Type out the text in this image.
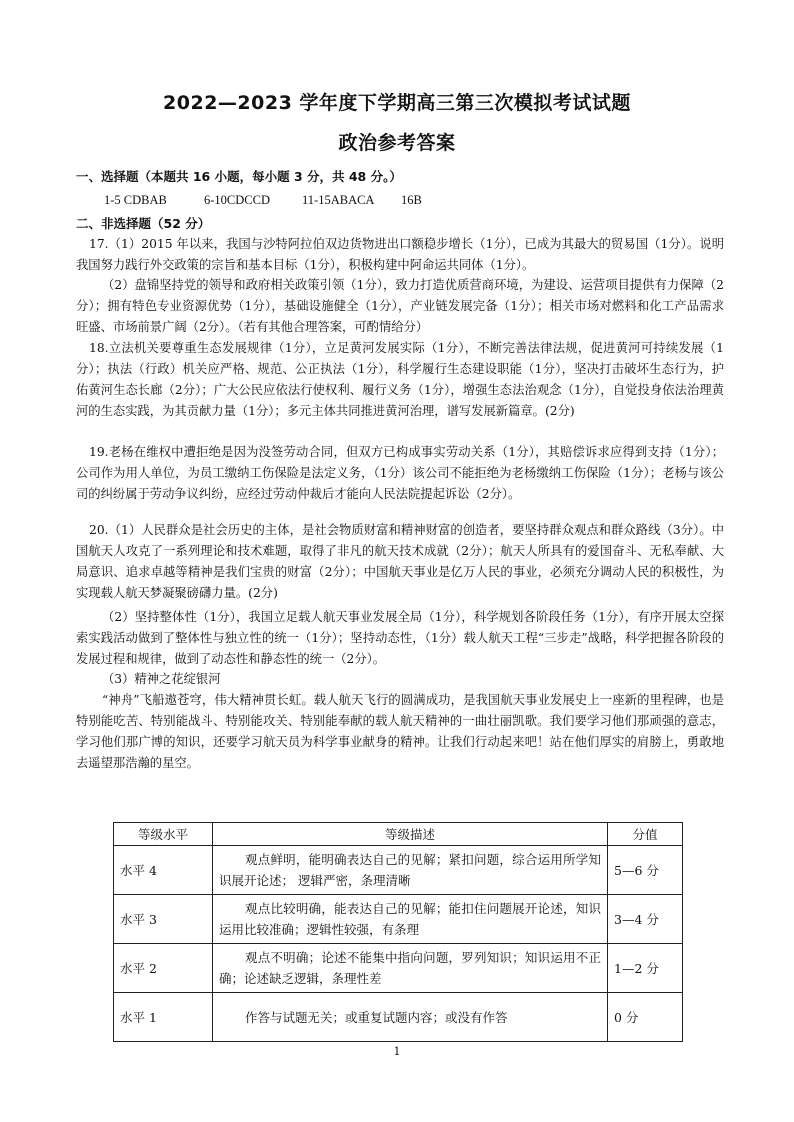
2022—2023 学年度下学期高三第三次模拟考试试题
政治参考答案
一、选择题（本题共 16 小题，每小题 3 分，共 48 分。）
1-5 CDBAB	6-10CDCCD	11-15ABACA 16B
二、非选择题（52 分）
17.（1）2015 年以来，我国与沙特阿拉伯双边货物进出口额稳步增长（1分），已成为其最大的贸易国（1分）。说明我国努力践行外交政策的宗旨和基本目标（1分），积极构建中阿命运共同体（1分）。
（2）盘锦坚持党的领导和政府相关政策引领（1分），致力打造优质营商环境，为建设、运营项目提供有力保障（2分）；拥有特色专业资源优势（1分），基础设施健全（1分），产业链发展完备（1分）；相关市场对燃料和化工产品需求旺盛、市场前景广阔（2分）。（若有其他合理答案，可酌情给分）
18.立法机关要尊重生态发展规律（1分），立足黄河发展实际（1分），不断完善法律法规，促进黄河可持续发展（1分）；执法（行政）机关应严格、规范、公正执法（1分），科学履行生态建设职能（1分），坚决打击破坏生态行为，护佑黄河生态长廊（2分）；广大公民应依法行使权利、履行义务（1分），增强生态法治观念（1分），自觉投身依法治理黄河的生态实践，为其贡献力量（1分）；多元主体共同推进黄河治理，谱写发展新篇章。(2分)
19.老杨在维权中遭拒绝是因为没签劳动合同，但双方已构成事实劳动关系（1分），其赔偿诉求应得到支持（1分）；公司作为用人单位，为员工缴纳工伤保险是法定义务，（1分）该公司不能拒绝为老杨缴纳工伤保险（1分）；老杨与该公司的纠纷属于劳动争议纠纷，应经过劳动仲裁后才能向人民法院提起诉讼（2分）。
20.（1）人民群众是社会历史的主体，是社会物质财富和精神财富的创造者，要坚持群众观点和群众路线（3分）。中国航天人攻克了一系列理论和技术难题，取得了非凡的航天技术成就（2分）；航天人所具有的爱国奋斗、无私奉献、大局意识、追求卓越等精神是我们宝贵的财富（2分）；中国航天事业是亿万人民的事业，必须充分调动人民的积极性，为实现载人航天梦凝聚磅礴力量。(2分)
（2）坚持整体性（1分），我国立足载人航天事业发展全局（1分），科学规划各阶段任务（1分），有序开展太空探索实践活动做到了整体性与独立性的统一（1分）；坚持动态性，（1分）载人航天工程“三步走”战略，科学把握各阶段的发展过程和规律，做到了动态性和静态性的统一（2分）。
（3）精神之花绽银河
“神舟”飞船遨苍穹，伟大精神贯长虹。载人航天飞行的圆满成功，是我国航天事业发展史上一座新的里程碑，也是特别能吃苦、特别能战斗、特别能攻关、特别能奉献的载人航天精神的一曲壮丽凯歌。我们要学习他们那顽强的意志，学习他们那广博的知识，还要学习航天员为科学事业献身的精神。让我们行动起来吧！站在他们厚实的肩膀上，勇敢地去遥望那浩瀚的星空。
等级水平	等级描述	分值
水平 4	观点鲜明，能明确表达自己的见解；紧扣问题，综合运用所学知识展开论述； 逻辑严密，条理清晰	5—6 分
水平 3	观点比较明确，能表达自己的见解；能扣住问题展开论述，知识运用比较准确；逻辑性较强，有条理	3—4 分
水平 2	观点不明确；论述不能集中指向问题，罗列知识；知识运用不正确；论述缺乏逻辑，条理性差	1—2 分
水平 1	作答与试题无关；或重复试题内容；或没有作答	0 分
1
